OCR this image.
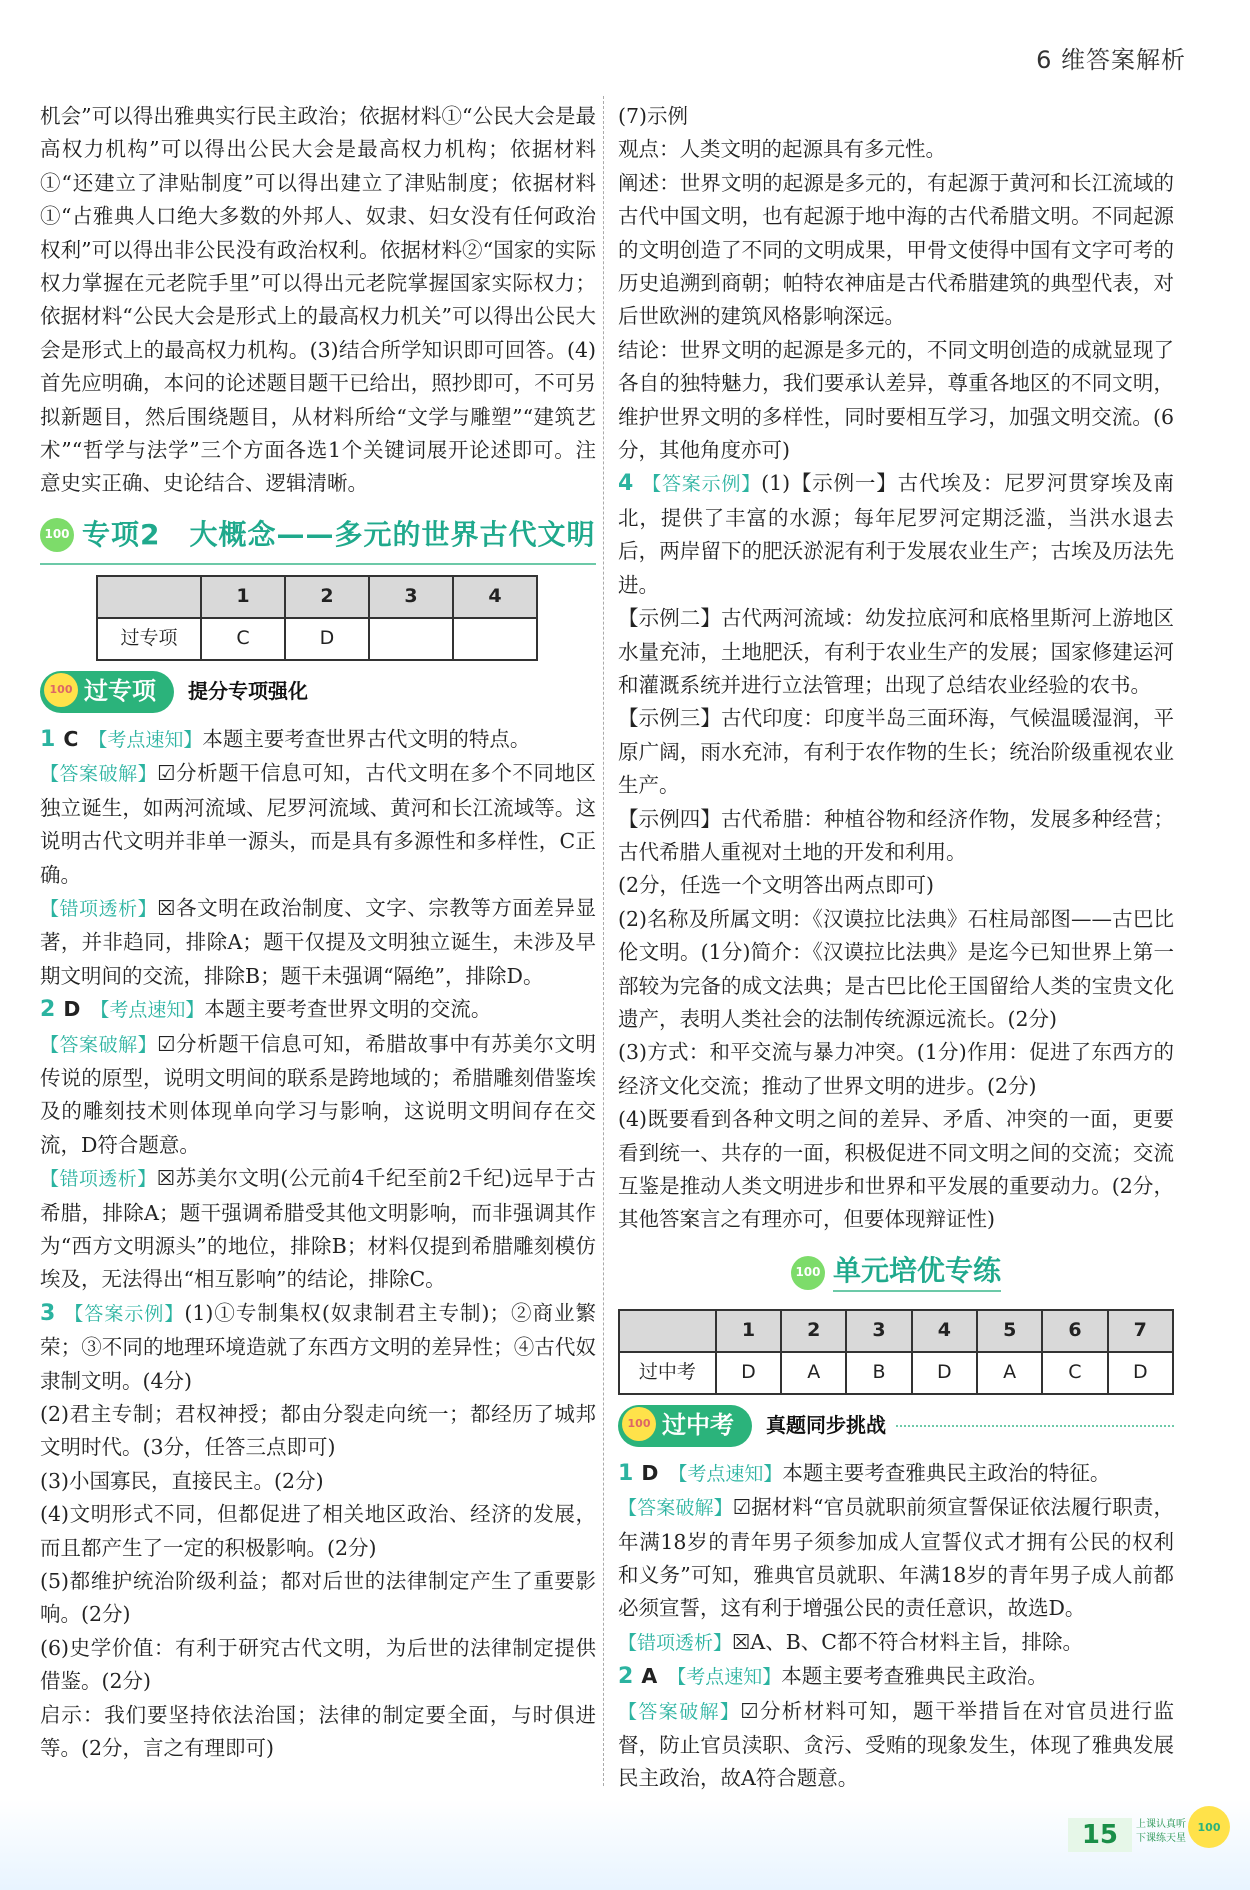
6 维答案解析

机会”可以得出雅典实行民主政治；依据材料①“公民大会是最高权力机构”可以得出公民大会是最高权力机构；依据材料①“还建立了津贴制度”可以得出建立了津贴制度；依据材料①“占雅典人口绝大多数的外邦人、奴隶、妇女没有任何政治权利”可以得出非公民没有政治权利。依据材料②“国家的实际权力掌握在元老院手里”可以得出元老院掌握国家实际权力；依据材料“公民大会是形式上的最高权力机关”可以得出公民大会是形式上的最高权力机构。(3)结合所学知识即可回答。(4)首先应明确，本问的论述题目题干已给出，照抄即可，不可另拟新题目，然后围绕题目，从材料所给“文学与雕塑”“建筑艺术”“哲学与法学”三个方面各选1个关键词展开论述即可。注意史实正确、史论结合、逻辑清晰。

100 专项2　大概念——多元的世界古代文明
	1	2	3	4
过专项	C	D		
100 过专项	提分专项强化

1 C 【考点速知】本题主要考查世界古代文明的特点。

【答案破解】☑分析题干信息可知，古代文明在多个不同地区独立诞生，如两河流域、尼罗河流域、黄河和长江流域等。这说明古代文明并非单一源头，而是具有多源性和多样性，C正确。

【错项透析】☒各文明在政治制度、文字、宗教等方面差异显著，并非趋同，排除A；题干仅提及文明独立诞生，未涉及早期文明间的交流，排除B；题干未强调“隔绝”，排除D。

2 D 【考点速知】本题主要考查世界文明的交流。

【答案破解】☑分析题干信息可知，希腊故事中有苏美尔文明传说的原型，说明文明间的联系是跨地域的；希腊雕刻借鉴埃及的雕刻技术则体现单向学习与影响，这说明文明间存在交流，D符合题意。

【错项透析】☒苏美尔文明(公元前4千纪至前2千纪)远早于古希腊，排除A；题干强调希腊受其他文明影响，而非强调其作为“西方文明源头”的地位，排除B；材料仅提到希腊雕刻模仿埃及，无法得出“相互影响”的结论，排除C。

3 【答案示例】(1)①专制集权(奴隶制君主专制)；②商业繁荣；③不同的地理环境造就了东西方文明的差异性；④古代奴隶制文明。(4分)

(2)君主专制；君权神授；都由分裂走向统一；都经历了城邦文明时代。(3分，任答三点即可)

(3)小国寡民，直接民主。(2分)

(4)文明形式不同，但都促进了相关地区政治、经济的发展，而且都产生了一定的积极影响。(2分)

(5)都维护统治阶级利益；都对后世的法律制定产生了重要影响。(2分)

(6)史学价值：有利于研究古代文明，为后世的法律制定提供借鉴。(2分)

启示：我们要坚持依法治国；法律的制定要全面，与时俱进等。(2分，言之有理即可)

(7)示例

观点：人类文明的起源具有多元性。

阐述：世界文明的起源是多元的，有起源于黄河和长江流域的古代中国文明，也有起源于地中海的古代希腊文明。不同起源的文明创造了不同的文明成果，甲骨文使得中国有文字可考的历史追溯到商朝；帕特农神庙是古代希腊建筑的典型代表，对后世欧洲的建筑风格影响深远。

结论：世界文明的起源是多元的，不同文明创造的成就显现了各自的独特魅力，我们要承认差异，尊重各地区的不同文明，维护世界文明的多样性，同时要相互学习，加强文明交流。(6分，其他角度亦可)

4 【答案示例】(1)【示例一】古代埃及：尼罗河贯穿埃及南北，提供了丰富的水源；每年尼罗河定期泛滥，当洪水退去后，两岸留下的肥沃淤泥有利于发展农业生产；古埃及历法先进。

【示例二】古代两河流域：幼发拉底河和底格里斯河上游地区水量充沛，土地肥沃，有利于农业生产的发展；国家修建运河和灌溉系统并进行立法管理；出现了总结农业经验的农书。

【示例三】古代印度：印度半岛三面环海，气候温暖湿润，平原广阔，雨水充沛，有利于农作物的生长；统治阶级重视农业生产。

【示例四】古代希腊：种植谷物和经济作物，发展多种经营；古代希腊人重视对土地的开发和利用。

(2分，任选一个文明答出两点即可)

(2)名称及所属文明：《汉谟拉比法典》石柱局部图——古巴比伦文明。(1分)简介：《汉谟拉比法典》是迄今已知世界上第一部较为完备的成文法典；是古巴比伦王国留给人类的宝贵文化遗产，表明人类社会的法制传统源远流长。(2分)

(3)方式：和平交流与暴力冲突。(1分)作用：促进了东西方的经济文化交流；推动了世界文明的进步。(2分)

(4)既要看到各种文明之间的差异、矛盾、冲突的一面，更要看到统一、共存的一面，积极促进不同文明之间的交流；交流互鉴是推动人类文明进步和世界和平发展的重要动力。(2分，其他答案言之有理亦可，但要体现辩证性)

100 单元培优专练
	1	2	3	4	5	6	7
过中考	D	A	B	D	A	C	D
100 过中考	真题同步挑战

1 D 【考点速知】本题主要考查雅典民主政治的特征。

【答案破解】☑据材料“官员就职前须宣誓保证依法履行职责，年满18岁的青年男子须参加成人宣誓仪式才拥有公民的权利和义务”可知，雅典官员就职、年满18岁的青年男子成人前都必须宣誓，这有利于增强公民的责任意识，故选D。

【错项透析】☒A、B、C都不符合材料主旨，排除。

2 A 【考点速知】本题主要考查雅典民主政治。

【答案破解】☑分析材料可知，题干举措旨在对官员进行监督，防止官员渎职、贪污、受贿的现象发生，体现了雅典发展民主政治，故A符合题意。

15	上课认真听
下课练天星
100
